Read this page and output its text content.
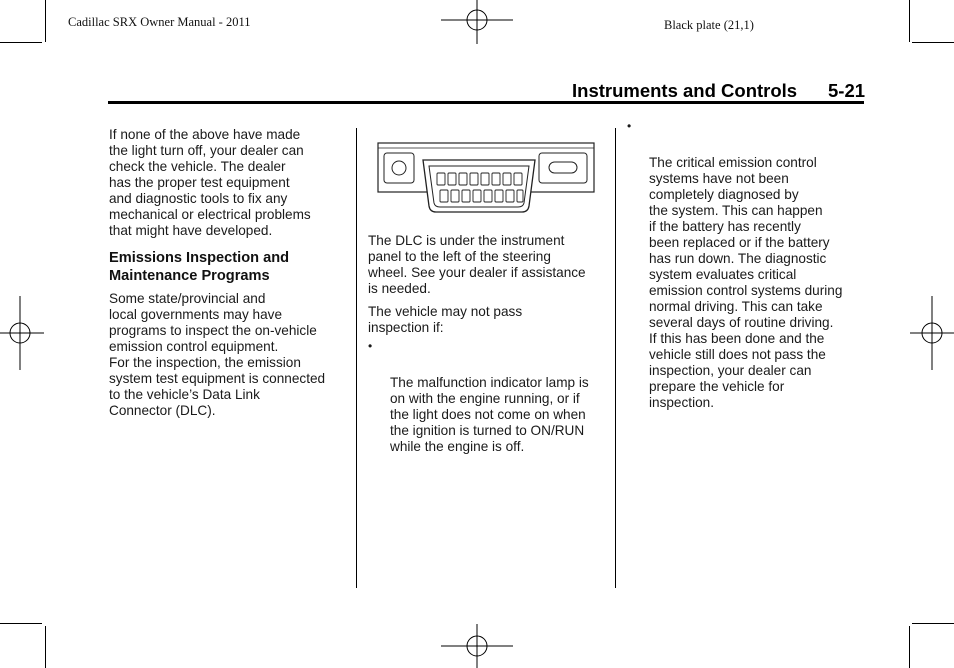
Cadillac SRX Owner Manual - 2011	Black plate (21,1)
Instruments and Controls 5-21

If none of the above have made
the light turn off, your dealer can
check the vehicle. The dealer
has the proper test equipment
and diagnostic tools to fix any
mechanical or electrical problems
that might have developed.

Emissions Inspection and
Maintenance Programs

Some state/provincial and
local governments may have
programs to inspect the on-vehicle
emission control equipment.

For the inspection, the emission
system test equipment is connected
to the vehicle’s Data Link
Connector (DLC).

The DLC is under the instrument
panel to the left of the steering
wheel. See your dealer if assistance
is needed.

The vehicle may not pass
inspection if:

•

The malfunction indicator lamp is
on with the engine running, or if
the light does not come on when
the ignition is turned to ON/RUN
while the engine is off.

•

The critical emission control
systems have not been
completely diagnosed by
the system. This can happen
if the battery has recently
been replaced or if the battery
has run down. The diagnostic
system evaluates critical
emission control systems during
normal driving. This can take
several days of routine driving.
If this has been done and the
vehicle still does not pass the
inspection, your dealer can
prepare the vehicle for
inspection.
